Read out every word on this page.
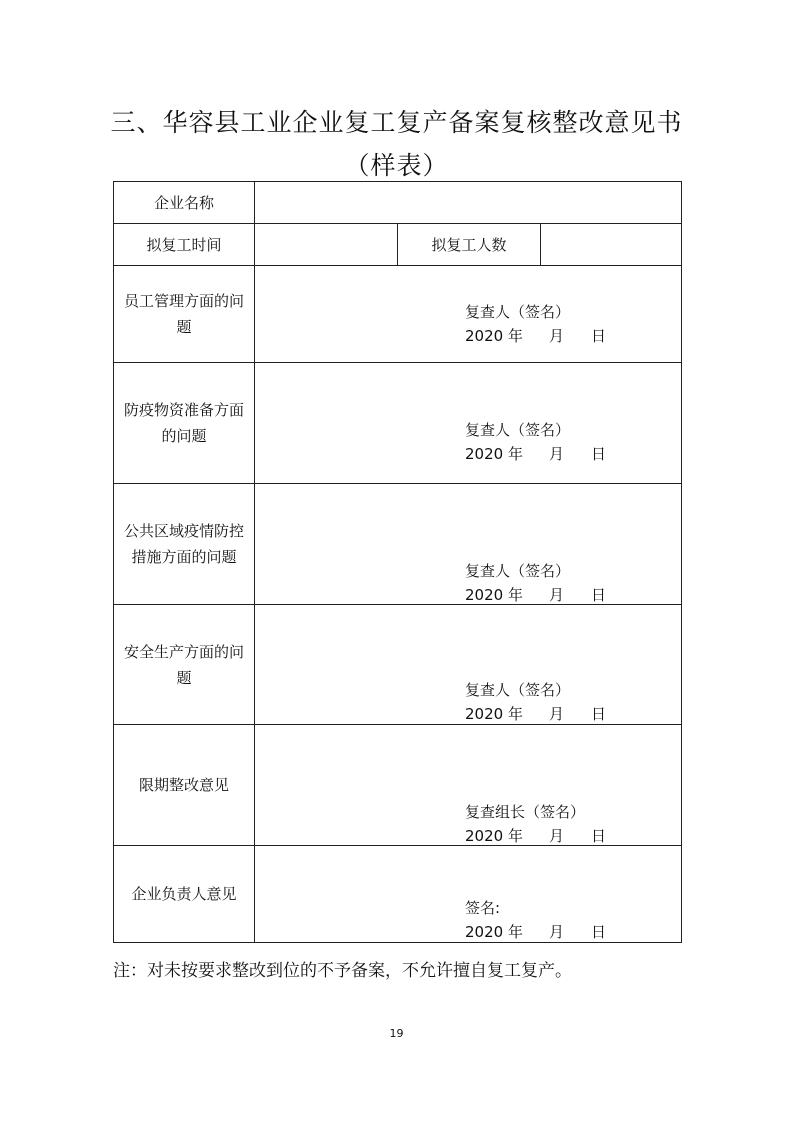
三、华容县工业企业复工复产备案复核整改意见书
（样表）
企业名称			
拟复工时间		拟复工人数	
员工管理方面的问题	复查人（签名）
2020 年 月 日		

防疫物资准备方面的问题	复查人（签名）
2020 年 月 日		

公共区域疫情防控措施方面的问题	复查人（签名）
2020 年 月 日		

安全生产方面的问题	复查人（签名）
2020 年 月 日		

限期整改意见	复查组长（签名）
2020 年 月 日		

企业负责人意见	签名:
2020 年 月 日		
注：对未按要求整改到位的不予备案，不允许擅自复工复产。
19
